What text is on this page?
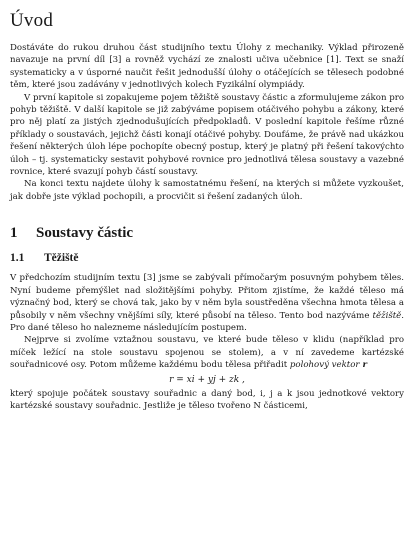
Úvod

Dostáváte do rukou druhou část studijního textu Úlohy z mechaniky. Výklad přirozeně navazuje na první díl [3] a rovněž vychází ze znalosti učiva učebnice [1]. Text se snaží systematicky a v úsporné naučit řešit jednodušší úlohy o otáčejících se tělesech podobné těm, které jsou zadávány v jednotlivých kolech Fyzikální olympiády.

V první kapitole si zopakujeme pojem těžiště soustavy částic a zformulujeme zákon pro pohyb těžiště. V další kapitole se již zabýváme popisem otáčivého pohybu a zákony, které pro něj platí za jistých zjednodušujících předpokladů. V poslední kapitole řešíme různé příklady o soustavách, jejichž části konají otáčivé pohyby. Doufáme, že právě nad ukázkou řešení některých úloh lépe pochopíte obecný postup, který je platný při řešení takovýchto úloh – tj. systematicky sestavit pohybové rovnice pro jednotlivá tělesa soustavy a vazebné rovnice, které svazují pohyb částí soustavy.

Na konci textu najdete úlohy k samostatnému řešení, na kterých si můžete vyzkoušet, jak dobře jste výklad pochopili, a procvičit si řešení zadaných úloh.

1 Soustavy částic
1.1 Těžiště

V předchozím studijním textu [3] jsme se zabývali přímočarým posuvným pohybem těles. Nyní budeme přemýšlet nad složitějšími pohyby. Přitom zjistíme, že každé těleso má význačný bod, který se chová tak, jako by v něm byla soustředěna všechna hmota tělesa a působily v něm všechny vnějšími síly, které působí na těleso. Tento bod nazýváme těžiště. Pro dané těleso ho nalezneme následujícím postupem.

Nejprve si zvolíme vztažnou soustavu, ve které bude těleso v klidu (například pro míček ležící na stole soustavu spojenou se stolem), a v ní zavedeme kartézské souřadnicové osy. Potom můžeme každému bodu tělesa přiřadit polohový vektor r

r = xi + yj + zk ,

který spojuje počátek soustavy souřadnic a daný bod, i, j a k jsou jednotkové vektory kartézské soustavy souřadnic. Jestliže je těleso tvořeno N částicemi,
